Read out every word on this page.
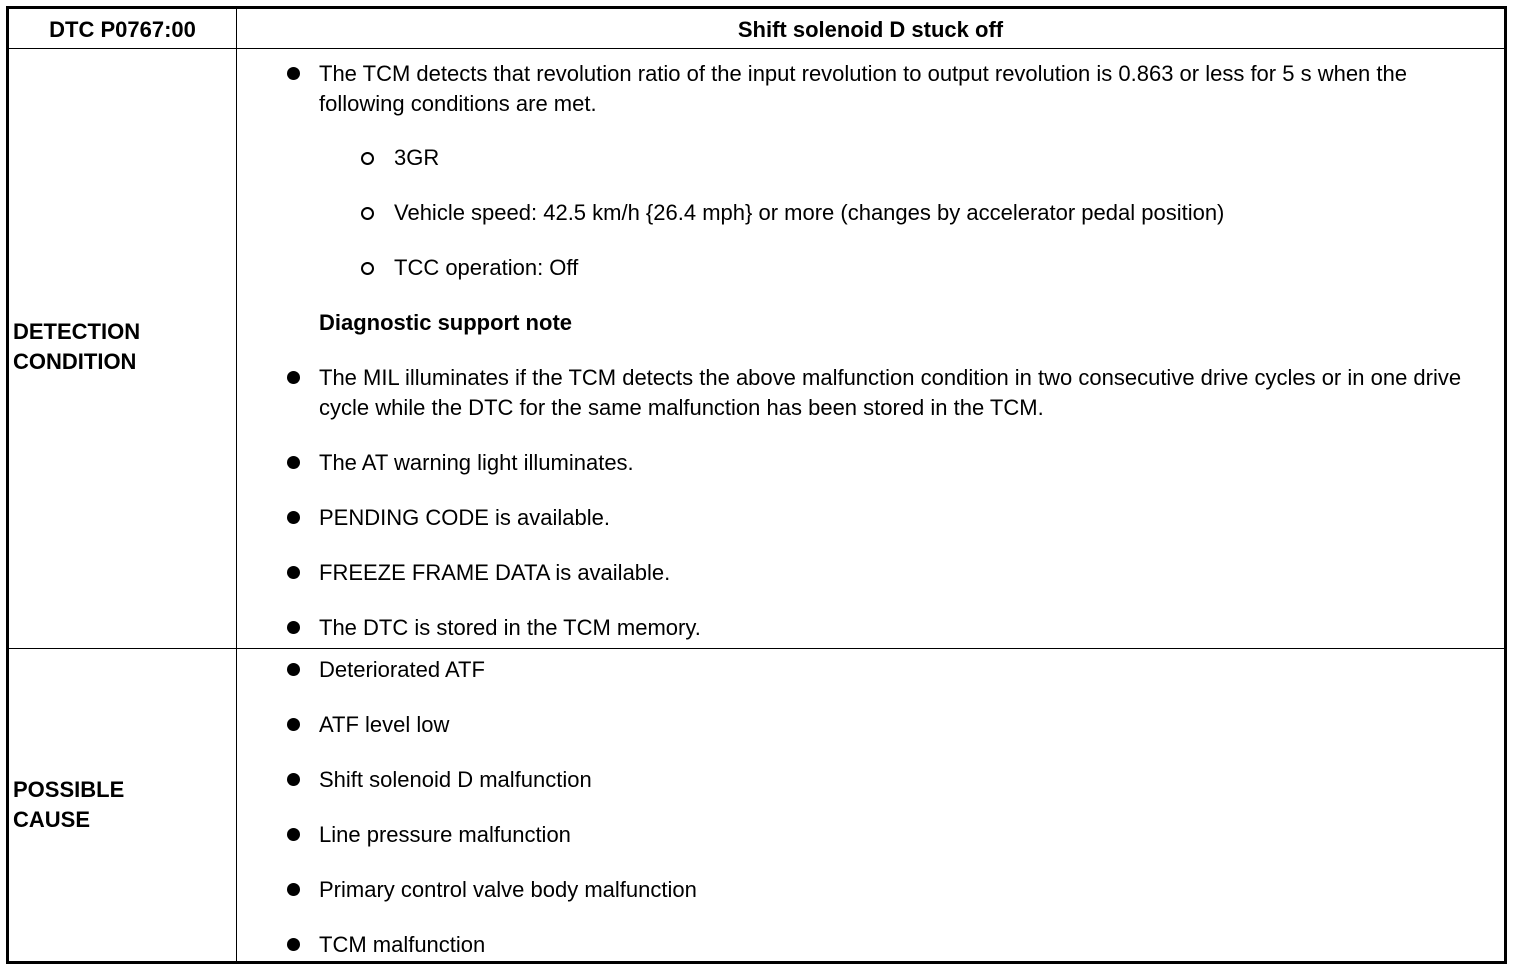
DTC P0767:00	Shift solenoid D stuck off
DETECTION
CONDITION
The TCM detects that revolution ratio of the input revolution to output revolution is 0.863 or less for 5 s when the following conditions are met.
3GR
Vehicle speed: 42.5 km/h {26.4 mph} or more (changes by accelerator pedal position)
TCC operation: Off
Diagnostic support note
The MIL illuminates if the TCM detects the above malfunction condition in two consecutive drive cycles or in one drive cycle while the DTC for the same malfunction has been stored in the TCM.
The AT warning light illuminates.
PENDING CODE is available.
FREEZE FRAME DATA is available.
The DTC is stored in the TCM memory.
POSSIBLE
CAUSE
Deteriorated ATF
ATF level low
Shift solenoid D malfunction
Line pressure malfunction
Primary control valve body malfunction
TCM malfunction
